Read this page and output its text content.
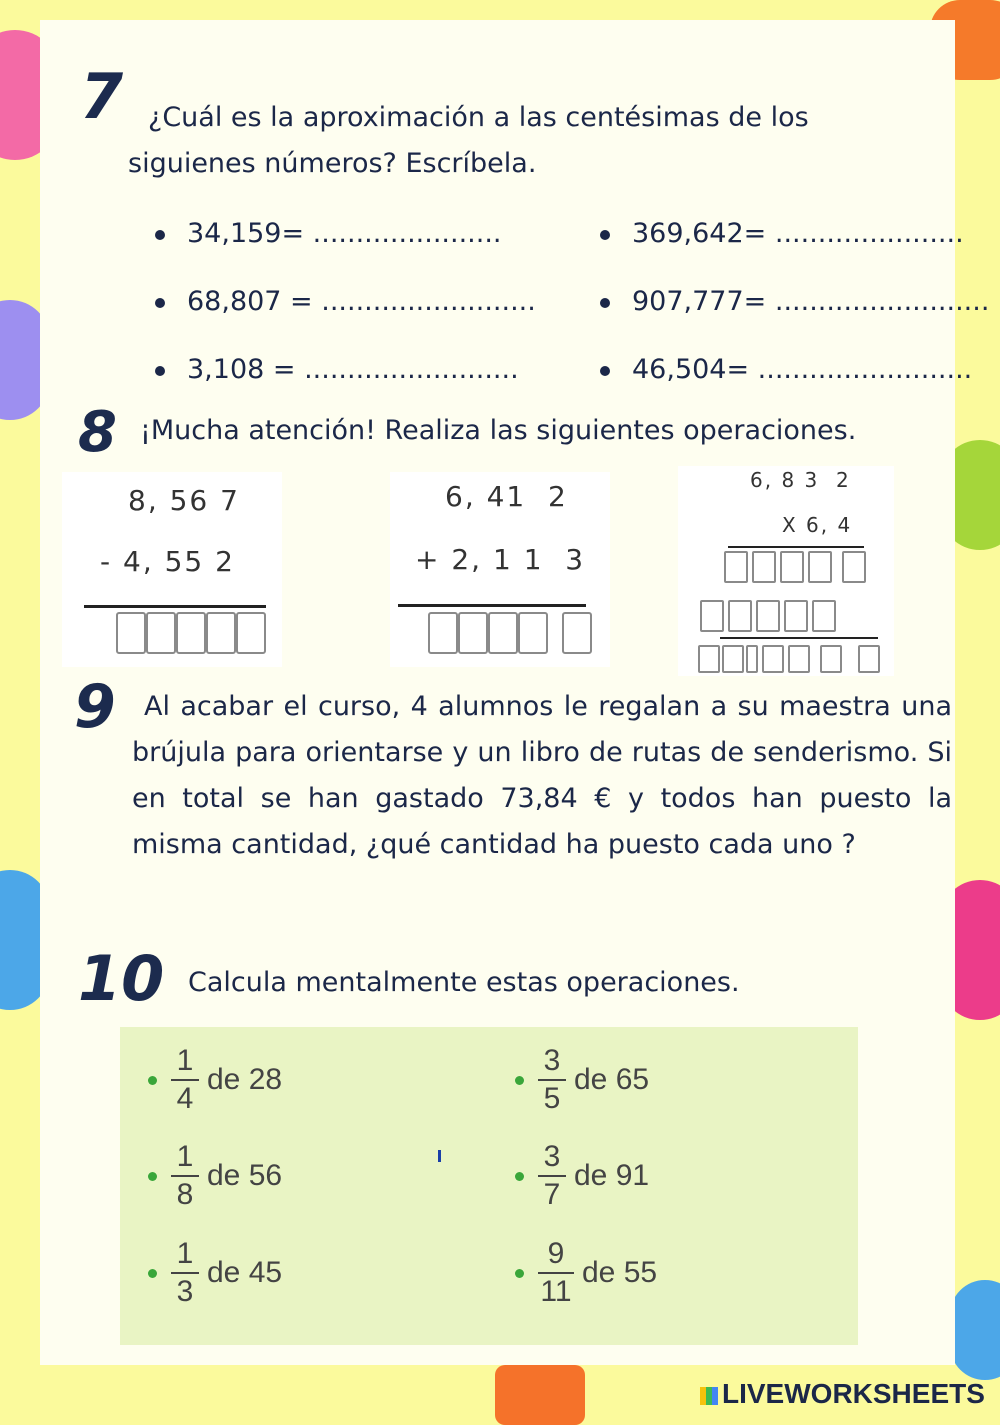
7 ¿Cuál es la aproximación a las centésimas de los siguienes números? Escríbela.
34,159= ......................	369,642= ......................
68,807 = .........................	907,777= .........................
3,108 = .........................	46,504= .........................
8 ¡Mucha atención! Realiza las siguientes operaciones.
8, 56 7
- 4, 55 2
6, 41  2
+ 2, 1 1  3
6, 8 3  2
X 6, 4
9	Al acabar el curso, 4 alumnos le regalan a su maestra una brújula para orientarse y un libro de rutas de senderismo. Si en total se han gastado 73,84 € y todos han puesto la misma cantidad, ¿qué cantidad ha puesto cada uno ?
10 Calcula mentalmente estas operaciones.
$\frac{1}{4}$ de 28	$\frac{3}{5}$ de 65
$\frac{1}{8}$ de 56	$\frac{3}{7}$ de 91
$\frac{1}{3}$ de 45	$\frac{9}{11}$ de 55
LIVEWORKSHEETS
